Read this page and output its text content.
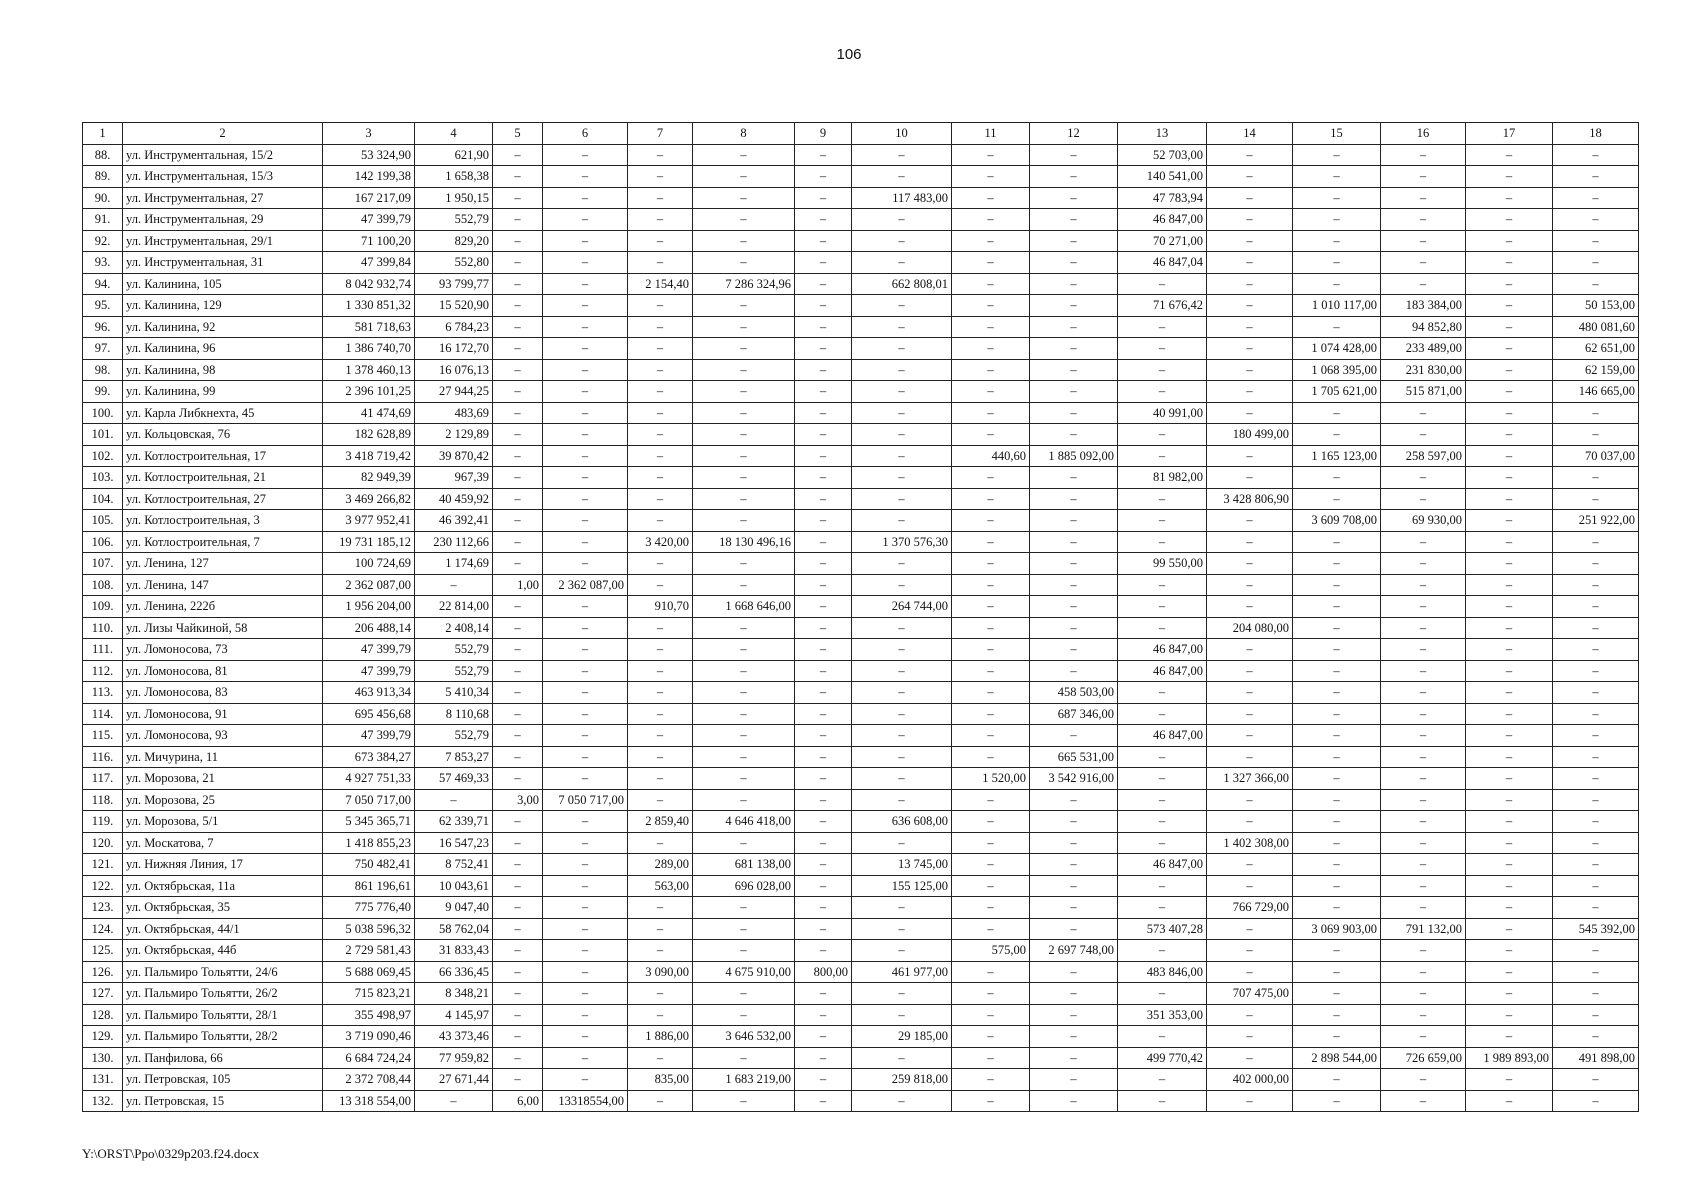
106
1	2	3	4	5	6	7	8	9	10	11	12	13	14	15	16	17	18
88.	ул. Инструментальная, 15/2	53 324,90	621,90	–	–	–	–	–	–	–	–	52 703,00	–	–	–	–	–
89.	ул. Инструментальная, 15/3	142 199,38	1 658,38	–	–	–	–	–	–	–	–	140 541,00	–	–	–	–	–
90.	ул. Инструментальная, 27	167 217,09	1 950,15	–	–	–	–	–	117 483,00	–	–	47 783,94	–	–	–	–	–
91.	ул. Инструментальная, 29	47 399,79	552,79	–	–	–	–	–	–	–	–	46 847,00	–	–	–	–	–
92.	ул. Инструментальная, 29/1	71 100,20	829,20	–	–	–	–	–	–	–	–	70 271,00	–	–	–	–	–
93.	ул. Инструментальная, 31	47 399,84	552,80	–	–	–	–	–	–	–	–	46 847,04	–	–	–	–	–
94.	ул. Калинина, 105	8 042 932,74	93 799,77	–	–	2 154,40	7 286 324,96	–	662 808,01	–	–	–	–	–	–	–	–
95.	ул. Калинина, 129	1 330 851,32	15 520,90	–	–	–	–	–	–	–	–	71 676,42	–	1 010 117,00	183 384,00	–	50 153,00
96.	ул. Калинина, 92	581 718,63	6 784,23	–	–	–	–	–	–	–	–	–	–	–	94 852,80	–	480 081,60
97.	ул. Калинина, 96	1 386 740,70	16 172,70	–	–	–	–	–	–	–	–	–	–	1 074 428,00	233 489,00	–	62 651,00
98.	ул. Калинина, 98	1 378 460,13	16 076,13	–	–	–	–	–	–	–	–	–	–	1 068 395,00	231 830,00	–	62 159,00
99.	ул. Калинина, 99	2 396 101,25	27 944,25	–	–	–	–	–	–	–	–	–	–	1 705 621,00	515 871,00	–	146 665,00
100.	ул. Карла Либкнехта, 45	41 474,69	483,69	–	–	–	–	–	–	–	–	40 991,00	–	–	–	–	–
101.	ул. Кольцовская, 76	182 628,89	2 129,89	–	–	–	–	–	–	–	–	–	180 499,00	–	–	–	–
102.	ул. Котлостроительная, 17	3 418 719,42	39 870,42	–	–	–	–	–	–	440,60	1 885 092,00	–	–	1 165 123,00	258 597,00	–	70 037,00
103.	ул. Котлостроительная, 21	82 949,39	967,39	–	–	–	–	–	–	–	–	81 982,00	–	–	–	–	–
104.	ул. Котлостроительная, 27	3 469 266,82	40 459,92	–	–	–	–	–	–	–	–	–	3 428 806,90	–	–	–	–
105.	ул. Котлостроительная, 3	3 977 952,41	46 392,41	–	–	–	–	–	–	–	–	–	–	3 609 708,00	69 930,00	–	251 922,00
106.	ул. Котлостроительная, 7	19 731 185,12	230 112,66	–	–	3 420,00	18 130 496,16	–	1 370 576,30	–	–	–	–	–	–	–	–
107.	ул. Ленина, 127	100 724,69	1 174,69	–	–	–	–	–	–	–	–	99 550,00	–	–	–	–	–
108.	ул. Ленина, 147	2 362 087,00	–	1,00	2 362 087,00	–	–	–	–	–	–	–	–	–	–	–	–
109.	ул. Ленина, 222б	1 956 204,00	22 814,00	–	–	910,70	1 668 646,00	–	264 744,00	–	–	–	–	–	–	–	–
110.	ул. Лизы Чайкиной, 58	206 488,14	2 408,14	–	–	–	–	–	–	–	–	–	204 080,00	–	–	–	–
111.	ул. Ломоносова, 73	47 399,79	552,79	–	–	–	–	–	–	–	–	46 847,00	–	–	–	–	–
112.	ул. Ломоносова, 81	47 399,79	552,79	–	–	–	–	–	–	–	–	46 847,00	–	–	–	–	–
113.	ул. Ломоносова, 83	463 913,34	5 410,34	–	–	–	–	–	–	–	458 503,00	–	–	–	–	–	–
114.	ул. Ломоносова, 91	695 456,68	8 110,68	–	–	–	–	–	–	–	687 346,00	–	–	–	–	–	–
115.	ул. Ломоносова, 93	47 399,79	552,79	–	–	–	–	–	–	–	–	46 847,00	–	–	–	–	–
116.	ул. Мичурина, 11	673 384,27	7 853,27	–	–	–	–	–	–	–	665 531,00	–	–	–	–	–	–
117.	ул. Морозова, 21	4 927 751,33	57 469,33	–	–	–	–	–	–	1 520,00	3 542 916,00	–	1 327 366,00	–	–	–	–
118.	ул. Морозова, 25	7 050 717,00	–	3,00	7 050 717,00	–	–	–	–	–	–	–	–	–	–	–	–
119.	ул. Морозова, 5/1	5 345 365,71	62 339,71	–	–	2 859,40	4 646 418,00	–	636 608,00	–	–	–	–	–	–	–	–
120.	ул. Москатова, 7	1 418 855,23	16 547,23	–	–	–	–	–	–	–	–	–	1 402 308,00	–	–	–	–
121.	ул. Нижняя Линия, 17	750 482,41	8 752,41	–	–	289,00	681 138,00	–	13 745,00	–	–	46 847,00	–	–	–	–	–
122.	ул. Октябрьская, 11а	861 196,61	10 043,61	–	–	563,00	696 028,00	–	155 125,00	–	–	–	–	–	–	–	–
123.	ул. Октябрьская, 35	775 776,40	9 047,40	–	–	–	–	–	–	–	–	–	766 729,00	–	–	–	–
124.	ул. Октябрьская, 44/1	5 038 596,32	58 762,04	–	–	–	–	–	–	–	–	573 407,28	–	3 069 903,00	791 132,00	–	545 392,00
125.	ул. Октябрьская, 44б	2 729 581,43	31 833,43	–	–	–	–	–	–	575,00	2 697 748,00	–	–	–	–	–	–
126.	ул. Пальмиро Тольятти, 24/6	5 688 069,45	66 336,45	–	–	3 090,00	4 675 910,00	800,00	461 977,00	–	–	483 846,00	–	–	–	–	–
127.	ул. Пальмиро Тольятти, 26/2	715 823,21	8 348,21	–	–	–	–	–	–	–	–	–	707 475,00	–	–	–	–
128.	ул. Пальмиро Тольятти, 28/1	355 498,97	4 145,97	–	–	–	–	–	–	–	–	351 353,00	–	–	–	–	–
129.	ул. Пальмиро Тольятти, 28/2	3 719 090,46	43 373,46	–	–	1 886,00	3 646 532,00	–	29 185,00	–	–	–	–	–	–	–	–
130.	ул. Панфилова, 66	6 684 724,24	77 959,82	–	–	–	–	–	–	–	–	499 770,42	–	2 898 544,00	726 659,00	1 989 893,00	491 898,00
131.	ул. Петровская, 105	2 372 708,44	27 671,44	–	–	835,00	1 683 219,00	–	259 818,00	–	–	–	402 000,00	–	–	–	–
132.	ул. Петровская, 15	13 318 554,00	–	6,00	13318554,00	–	–	–	–	–	–	–	–	–	–	–	–
Y:\ORST\Ppo\0329p203.f24.docx
